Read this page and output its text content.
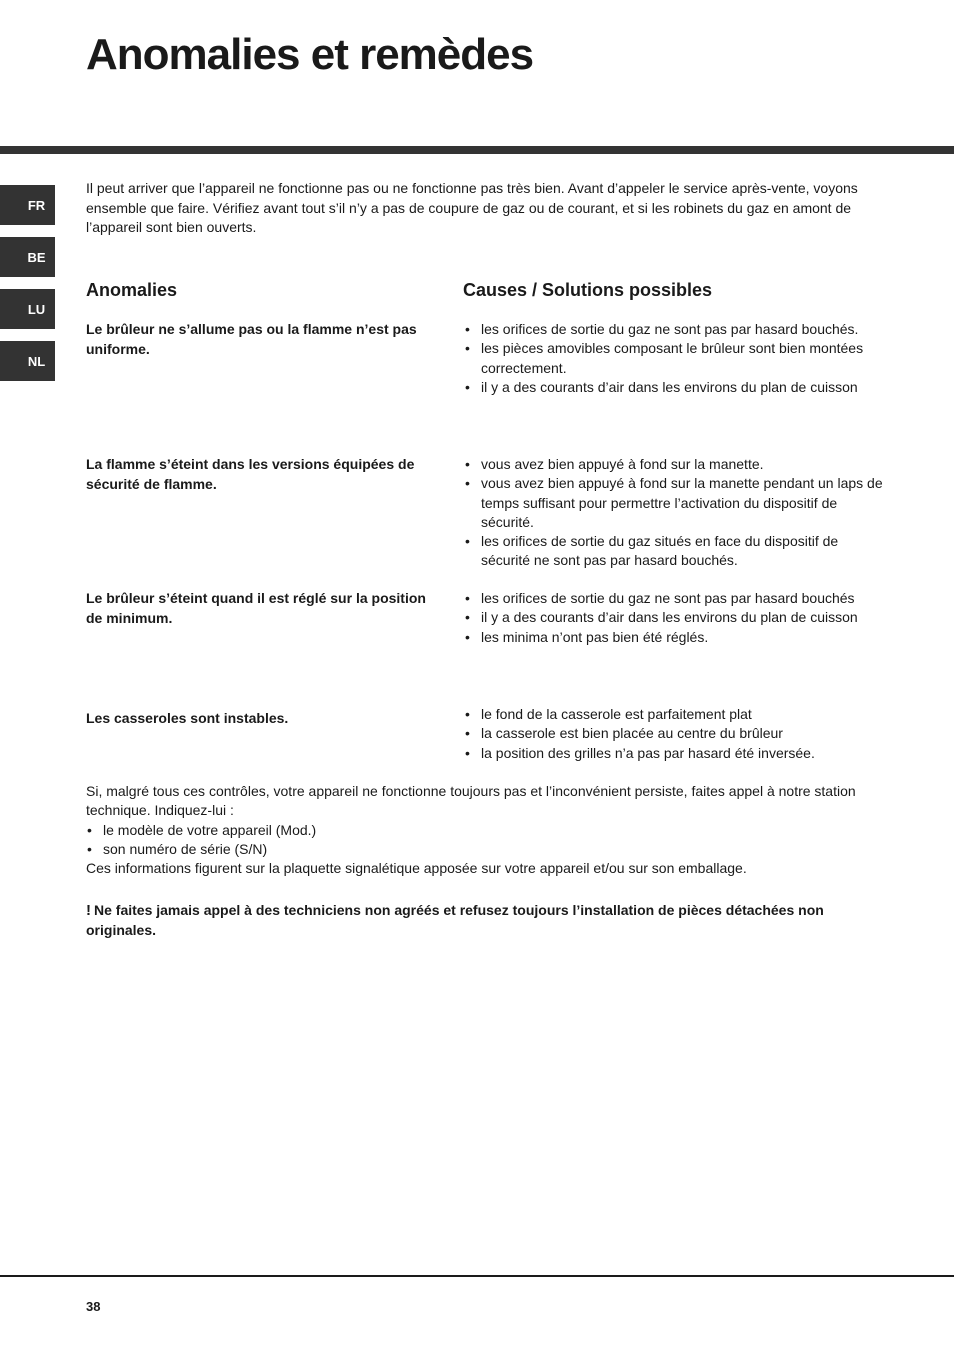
Anomalies et remèdes
FR
BE
LU
NL

Il peut arriver que l’appareil ne fonctionne pas ou ne fonctionne pas très bien. Avant d’appeler le service après-vente, voyons ensemble que faire. Vérifiez avant tout s’il n’y a pas de coupure de gaz ou de courant, et si les robinets du gaz en amont de l’appareil sont bien ouverts.

Anomalies	Causes / Solutions possibles

Le brûleur ne s’allume pas ou la flamme n’est pas uniforme.

• les orifices de sortie du gaz ne sont pas par hasard bouchés.
• les pièces amovibles composant le brûleur sont bien montées correctement.
• il y a des courants d’air dans les environs du plan de cuisson

La flamme s’éteint dans les versions équipées de sécurité de flamme.

• vous avez bien appuyé à fond sur la manette.
• vous avez bien appuyé à fond sur la manette pendant un laps de temps suffisant pour permettre l’activation du dispositif de sécurité.
• les orifices de sortie du gaz situés en face du dispositif de sécurité ne sont pas par hasard bouchés.

Le brûleur s’éteint quand il est réglé sur la position de minimum.

• les orifices de sortie du gaz ne sont pas par hasard bouchés
• il y a des courants d’air dans les environs du plan de cuisson
• les minima n’ont pas bien été réglés.

Les casseroles sont instables.

•	le fond de la casserole est parfaitement plat
• la casserole est bien placée au centre du brûleur
• la position des grilles n’a pas par hasard été inversée.

Si, malgré tous ces contrôles, votre appareil ne fonctionne toujours pas et l’inconvénient persiste, faites appel à notre station technique. Indiquez-lui :

• le modèle de votre appareil (Mod.)
• son numéro de série (S/N)

Ces informations figurent sur la plaquette signalétique apposée sur votre appareil et/ou sur son emballage.

! Ne faites jamais appel à des techniciens non agréés et refusez toujours l’installation de pièces détachées non originales.

38
